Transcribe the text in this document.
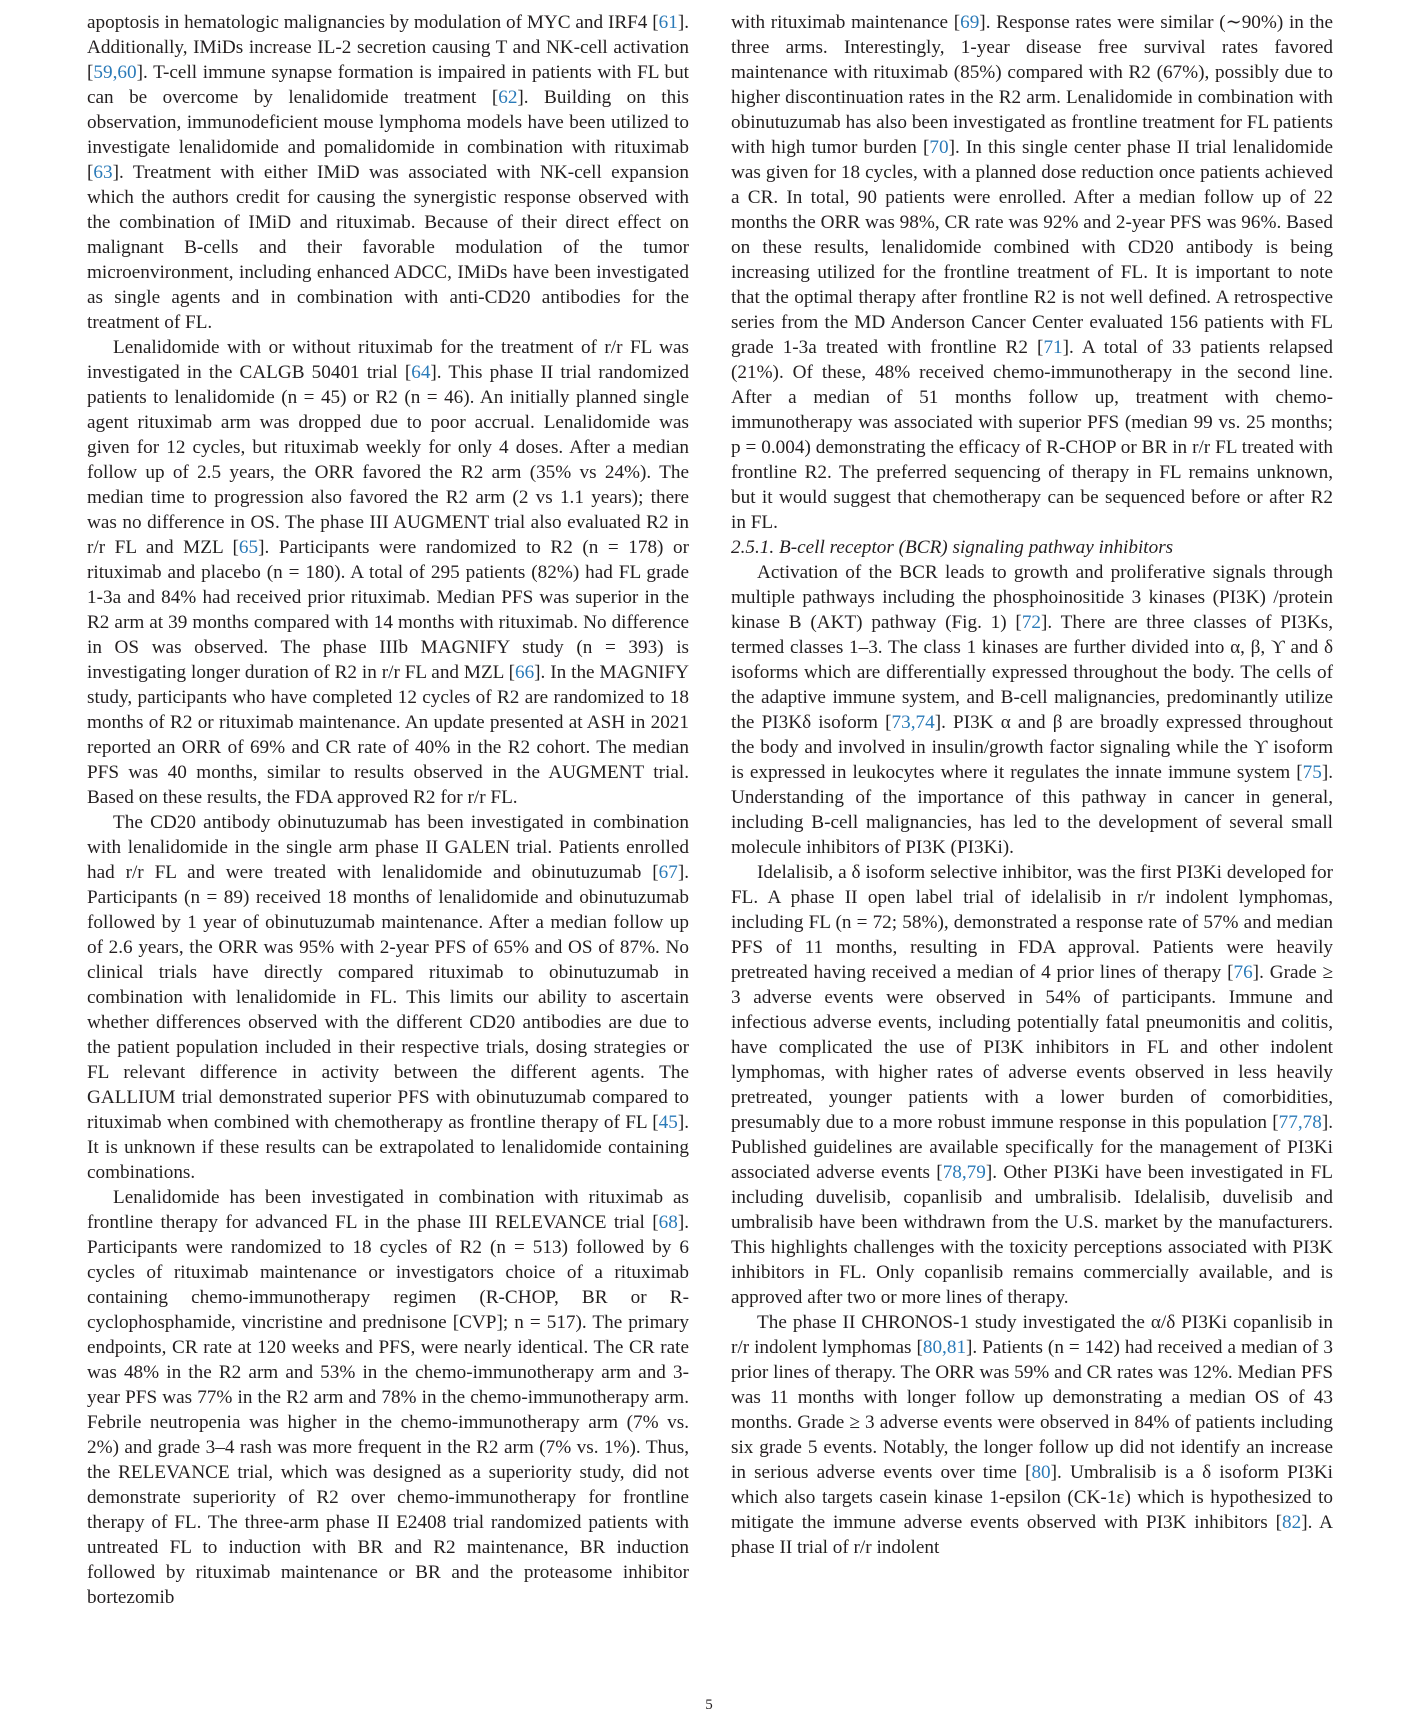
apoptosis in hematologic malignancies by modulation of MYC and IRF4 [61]. Additionally, IMiDs increase IL-2 secretion causing T and NK-cell activation [59,60]. T-cell immune synapse formation is impaired in patients with FL but can be overcome by lenalidomide treatment [62]. Building on this observation, immunodeficient mouse lymphoma models have been utilized to investigate lenalidomide and pomalidomide in combination with rituximab [63]. Treatment with either IMiD was associated with NK-cell expansion which the authors credit for causing the synergistic response observed with the combination of IMiD and rituximab. Because of their direct effect on malignant B-cells and their favorable modulation of the tumor microenvironment, including enhanced ADCC, IMiDs have been investigated as single agents and in combination with anti-CD20 antibodies for the treatment of FL.

Lenalidomide with or without rituximab for the treatment of r/r FL was investigated in the CALGB 50401 trial [64]. This phase II trial randomized patients to lenalidomide (n = 45) or R2 (n = 46). An initially planned single agent rituximab arm was dropped due to poor accrual. Lenalidomide was given for 12 cycles, but rituximab weekly for only 4 doses. After a median follow up of 2.5 years, the ORR favored the R2 arm (35% vs 24%). The median time to progression also favored the R2 arm (2 vs 1.1 years); there was no difference in OS. The phase III AUGMENT trial also evaluated R2 in r/r FL and MZL [65]. Participants were randomized to R2 (n = 178) or rituximab and placebo (n = 180). A total of 295 patients (82%) had FL grade 1-3a and 84% had received prior rituximab. Median PFS was superior in the R2 arm at 39 months compared with 14 months with rituximab. No difference in OS was observed. The phase IIIb MAGNIFY study (n = 393) is investigating longer duration of R2 in r/r FL and MZL [66]. In the MAGNIFY study, participants who have completed 12 cycles of R2 are randomized to 18 months of R2 or rituximab maintenance. An update presented at ASH in 2021 reported an ORR of 69% and CR rate of 40% in the R2 cohort. The median PFS was 40 months, similar to results observed in the AUGMENT trial. Based on these results, the FDA approved R2 for r/r FL.

The CD20 antibody obinutuzumab has been investigated in combination with lenalidomide in the single arm phase II GALEN trial. Patients enrolled had r/r FL and were treated with lenalidomide and obinutuzumab [67]. Participants (n = 89) received 18 months of lenalidomide and obinutuzumab followed by 1 year of obinutuzumab maintenance. After a median follow up of 2.6 years, the ORR was 95% with 2-year PFS of 65% and OS of 87%. No clinical trials have directly compared rituximab to obinutuzumab in combination with lenalidomide in FL. This limits our ability to ascertain whether differences observed with the different CD20 antibodies are due to the patient population included in their respective trials, dosing strategies or FL relevant difference in activity between the different agents. The GALLIUM trial demonstrated superior PFS with obinutuzumab compared to rituximab when combined with chemotherapy as frontline therapy of FL [45]. It is unknown if these results can be extrapolated to lenalidomide containing combinations.

Lenalidomide has been investigated in combination with rituximab as frontline therapy for advanced FL in the phase III RELEVANCE trial [68]. Participants were randomized to 18 cycles of R2 (n = 513) followed by 6 cycles of rituximab maintenance or investigators choice of a rituximab containing chemo-immunotherapy regimen (R-CHOP, BR or R- cyclophosphamide, vincristine and prednisone [CVP]; n = 517). The primary endpoints, CR rate at 120 weeks and PFS, were nearly identical. The CR rate was 48% in the R2 arm and 53% in the chemo-immunotherapy arm and 3-year PFS was 77% in the R2 arm and 78% in the chemo-immunotherapy arm. Febrile neutropenia was higher in the chemo-immunotherapy arm (7% vs. 2%) and grade 3–4 rash was more frequent in the R2 arm (7% vs. 1%). Thus, the RELEVANCE trial, which was designed as a superiority study, did not demonstrate superiority of R2 over chemo-immunotherapy for frontline therapy of FL. The three-arm phase II E2408 trial randomized patients with untreated FL to induction with BR and R2 maintenance, BR induction followed by rituximab maintenance or BR and the proteasome inhibitor bortezomib

with rituximab maintenance [69]. Response rates were similar (∼90%) in the three arms. Interestingly, 1-year disease free survival rates favored maintenance with rituximab (85%) compared with R2 (67%), possibly due to higher discontinuation rates in the R2 arm. Lenalidomide in combination with obinutuzumab has also been investigated as frontline treatment for FL patients with high tumor burden [70]. In this single center phase II trial lenalidomide was given for 18 cycles, with a planned dose reduction once patients achieved a CR. In total, 90 patients were enrolled. After a median follow up of 22 months the ORR was 98%, CR rate was 92% and 2-year PFS was 96%. Based on these results, lenalidomide combined with CD20 antibody is being increasing utilized for the frontline treatment of FL. It is important to note that the optimal therapy after frontline R2 is not well defined. A retrospective series from the MD Anderson Cancer Center evaluated 156 patients with FL grade 1-3a treated with frontline R2 [71]. A total of 33 patients relapsed (21%). Of these, 48% received chemo-immunotherapy in the second line. After a median of 51 months follow up, treatment with chemo-immunotherapy was associated with superior PFS (median 99 vs. 25 months; p = 0.004) demonstrating the efficacy of R-CHOP or BR in r/r FL treated with frontline R2. The preferred sequencing of therapy in FL remains unknown, but it would suggest that chemotherapy can be sequenced before or after R2 in FL.

2.5.1. B-cell receptor (BCR) signaling pathway inhibitors

Activation of the BCR leads to growth and proliferative signals through multiple pathways including the phosphoinositide 3 kinases (PI3K) /protein kinase B (AKT) pathway (Fig. 1) [72]. There are three classes of PI3Ks, termed classes 1–3. The class 1 kinases are further divided into α, β, ϒ and δ isoforms which are differentially expressed throughout the body. The cells of the adaptive immune system, and B-cell malignancies, predominantly utilize the PI3Kδ isoform [73,74]. PI3K α and β are broadly expressed throughout the body and involved in insulin/growth factor signaling while the ϒ isoform is expressed in leukocytes where it regulates the innate immune system [75]. Understanding of the importance of this pathway in cancer in general, including B-cell malignancies, has led to the development of several small molecule inhibitors of PI3K (PI3Ki).

Idelalisib, a δ isoform selective inhibitor, was the first PI3Ki developed for FL. A phase II open label trial of idelalisib in r/r indolent lymphomas, including FL (n = 72; 58%), demonstrated a response rate of 57% and median PFS of 11 months, resulting in FDA approval. Patients were heavily pretreated having received a median of 4 prior lines of therapy [76]. Grade ≥ 3 adverse events were observed in 54% of participants. Immune and infectious adverse events, including potentially fatal pneumonitis and colitis, have complicated the use of PI3K inhibitors in FL and other indolent lymphomas, with higher rates of adverse events observed in less heavily pretreated, younger patients with a lower burden of comorbidities, presumably due to a more robust immune response in this population [77,78]. Published guidelines are available specifically for the management of PI3Ki associated adverse events [78,79]. Other PI3Ki have been investigated in FL including duvelisib, copanlisib and umbralisib. Idelalisib, duvelisib and umbralisib have been withdrawn from the U.S. market by the manufacturers. This highlights challenges with the toxicity perceptions associated with PI3K inhibitors in FL. Only copanlisib remains commercially available, and is approved after two or more lines of therapy.

The phase II CHRONOS-1 study investigated the α/δ PI3Ki copanlisib in r/r indolent lymphomas [80,81]. Patients (n = 142) had received a median of 3 prior lines of therapy. The ORR was 59% and CR rates was 12%. Median PFS was 11 months with longer follow up demonstrating a median OS of 43 months. Grade ≥ 3 adverse events were observed in 84% of patients including six grade 5 events. Notably, the longer follow up did not identify an increase in serious adverse events over time [80]. Umbralisib is a δ isoform PI3Ki which also targets casein kinase 1-epsilon (CK-1ε) which is hypothesized to mitigate the immune adverse events observed with PI3K inhibitors [82]. A phase II trial of r/r indolent

5
